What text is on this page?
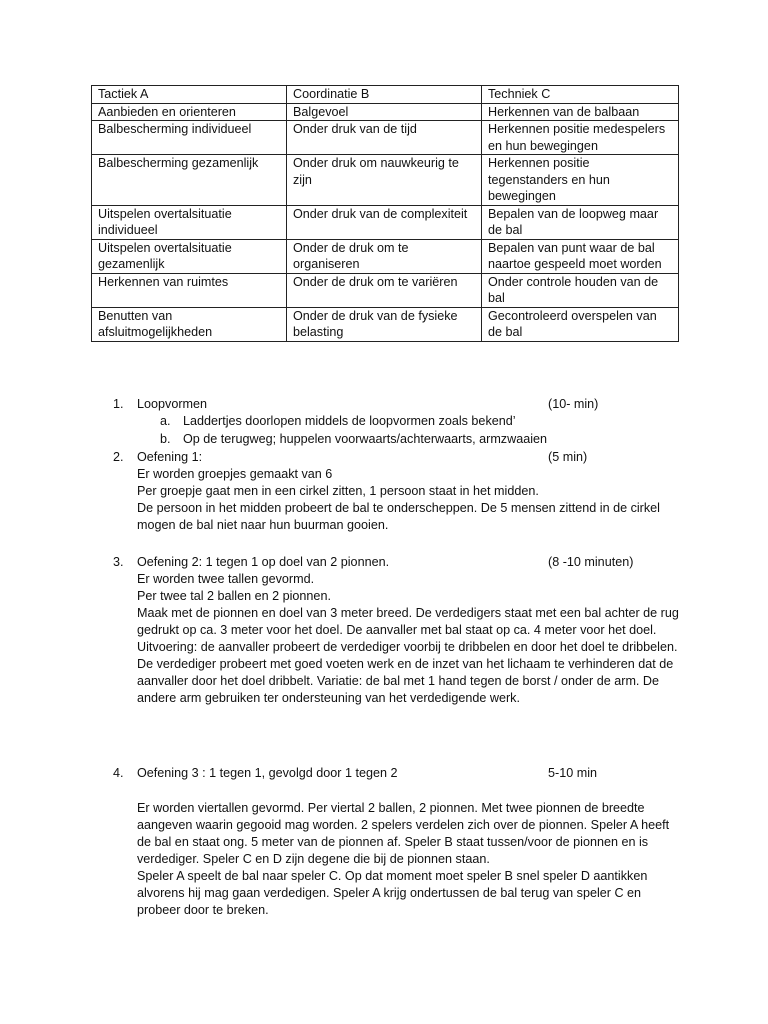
Tactiek A	Coordinatie B	Techniek C
Aanbieden en orienteren	Balgevoel	Herkennen van de balbaan
Balbescherming individueel	Onder druk van de tijd	Herkennen positie medespelers en hun bewegingen
Balbescherming gezamenlijk	Onder druk om nauwkeurig te zijn	Herkennen positie tegenstanders en hun bewegingen
Uitspelen overtalsituatie individueel	Onder druk van de complexiteit	Bepalen van de loopweg maar de bal
Uitspelen overtalsituatie gezamenlijk	Onder de druk om te organiseren	Bepalen van punt waar de bal naartoe gespeeld moet worden
Herkennen van ruimtes	Onder de druk om te variëren	Onder controle houden van de bal
Benutten van afsluitmogelijkheden	Onder de druk van de fysieke belasting	Gecontroleerd overspelen van de bal
1. Loopvormen	(10- min)
a. Laddertjes doorlopen middels de loopvormen zoals bekend’
b. Op de terugweg; huppelen voorwaarts/achterwaarts, armzwaaien
2. Oefening 1:	(5 min)

Er worden groepjes gemaakt van 6

Per groepje gaat men in een cirkel zitten, 1 persoon staat in het midden.

De persoon in het midden probeert de bal te onderscheppen. De 5 mensen zittend in de cirkel mogen de bal niet naar hun buurman gooien.

3. Oefening 2: 1 tegen 1 op doel van 2 pionnen.	(8 -10 minuten)

Er worden twee tallen gevormd.

Per twee tal 2 ballen en 2 pionnen.

Maak met de pionnen en doel van 3 meter breed. De verdedigers staat met een bal achter de rug gedrukt op ca. 3 meter voor het doel. De aanvaller met bal staat op ca. 4 meter voor het doel.

Uitvoering: de aanvaller probeert de verdediger voorbij te dribbelen en door het doel te dribbelen. De verdediger probeert met goed voeten werk en de inzet van het lichaam te verhinderen dat de aanvaller door het doel dribbelt. Variatie: de bal met 1 hand tegen de borst / onder de arm. De andere arm gebruiken ter ondersteuning van het verdedigende werk.

4. Oefening 3 : 1 tegen 1, gevolgd door 1 tegen 2	5-10 min

Er worden viertallen gevormd. Per viertal 2 ballen, 2 pionnen. Met twee pionnen de breedte aangeven waarin gegooid mag worden. 2 spelers verdelen zich over de pionnen. Speler A heeft de bal en staat ong. 5 meter van de pionnen af. Speler B staat tussen/voor de pionnen en is verdediger. Speler C en D zijn degene die bij de pionnen staan.

Speler A speelt de bal naar speler C. Op dat moment moet speler B snel speler D aantikken alvorens hij mag gaan verdedigen. Speler A krijg ondertussen de bal terug van speler C en probeer door te breken.
